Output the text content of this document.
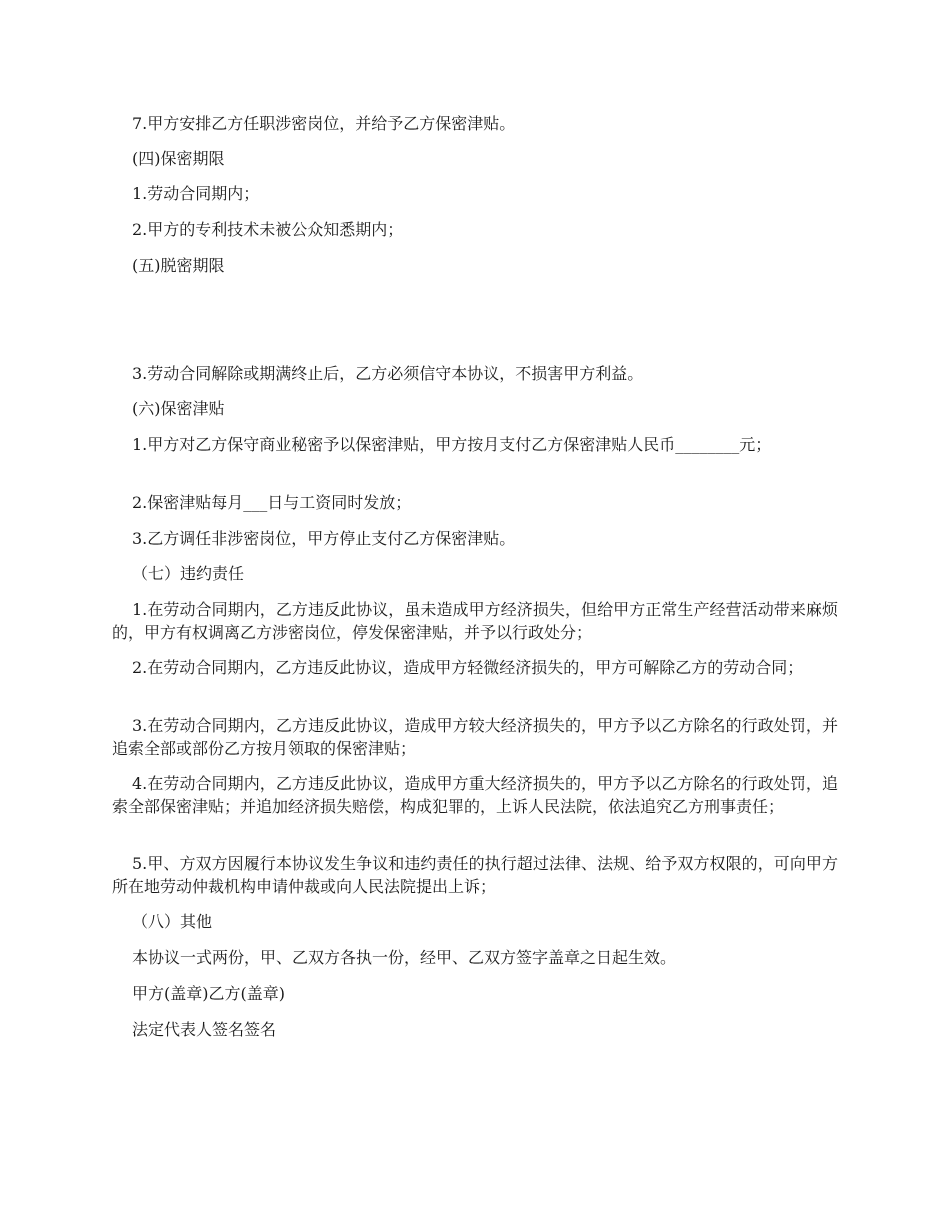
7.甲方安排乙方任职涉密岗位，并给予乙方保密津贴。

(四)保密期限

1.劳动合同期内；

2.甲方的专利技术未被公众知悉期内；

(五)脱密期限

3.劳动合同解除或期满终止后，乙方必须信守本协议，不损害甲方利益。

(六)保密津贴

1.甲方对乙方保守商业秘密予以保密津贴，甲方按月支付乙方保密津贴人民币________元；

2.保密津贴每月___日与工资同时发放；

3.乙方调任非涉密岗位，甲方停止支付乙方保密津贴。

（七）违约责任

1.在劳动合同期内，乙方违反此协议，虽未造成甲方经济损失，但给甲方正常生产经营活动带来麻烦的，甲方有权调离乙方涉密岗位，停发保密津贴，并予以行政处分；

2.在劳动合同期内，乙方违反此协议，造成甲方轻微经济损失的，甲方可解除乙方的劳动合同；

3.在劳动合同期内，乙方违反此协议，造成甲方较大经济损失的，甲方予以乙方除名的行政处罚，并追索全部或部份乙方按月领取的保密津贴；

4.在劳动合同期内，乙方违反此协议，造成甲方重大经济损失的，甲方予以乙方除名的行政处罚，追索全部保密津贴；并追加经济损失赔偿，构成犯罪的，上诉人民法院，依法追究乙方刑事责任；

5.甲、方双方因履行本协议发生争议和违约责任的执行超过法律、法规、给予双方权限的，可向甲方所在地劳动仲裁机构申请仲裁或向人民法院提出上诉；

（八）其他

本协议一式两份，甲、乙双方各执一份，经甲、乙双方签字盖章之日起生效。

甲方(盖章)乙方(盖章)

法定代表人签名签名
